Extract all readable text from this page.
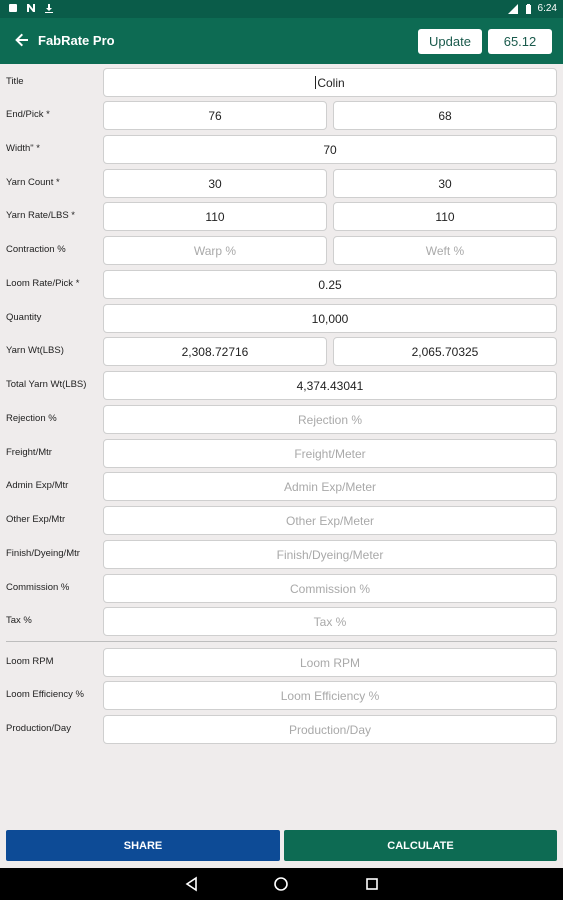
6:24
FabRate Pro	Update	65.12
Title	Colin
End/Pick *	76	68
Width" *	70
Yarn Count *	30	30
Yarn Rate/LBS *	110	110
Contraction %	Warp %	Weft %
Loom Rate/Pick *	0.25
Quantity	10,000
Yarn Wt(LBS)	2,308.72716	2,065.70325
Total Yarn Wt(LBS)	4,374.43041
Rejection %	Rejection %
Freight/Mtr	Freight/Meter
Admin Exp/Mtr	Admin Exp/Meter
Other Exp/Mtr	Other Exp/Meter
Finish/Dyeing/Mtr	Finish/Dyeing/Meter
Commission %	Commission %
Tax %	Tax %
Loom RPM	Loom RPM
Loom Efficiency %	Loom Efficiency %
Production/Day	Production/Day
SHARE	CALCULATE
